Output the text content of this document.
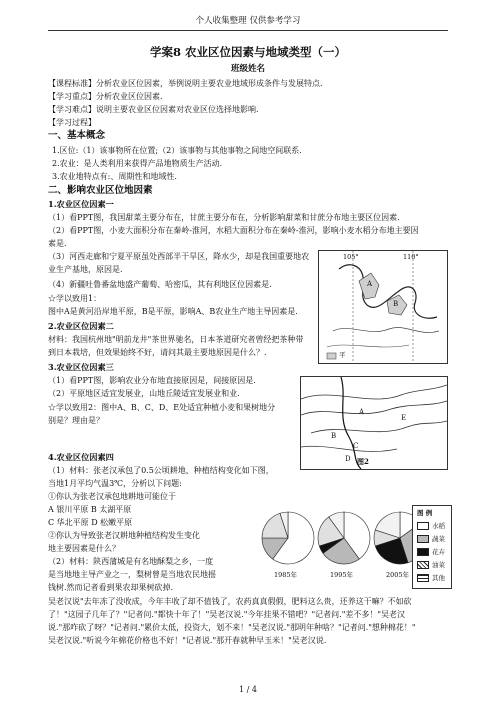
个人收集整理 仅供参考学习
学案8 农业区位因素与地域类型（一）
班级姓名
【课程标准】分析农业区位因素，举例说明主要农业地域形成条件与发展特点.
【学习重点】分析农业区位因素.
【学习难点】说明主要农业区位因素对农业区位选择地影响.
【学习过程】
一、基本概念
1.区位:（1）该事物所在位置;（2）该事物与其他事物之间地空间联系.
2.农业：是人类利用来获得产品地物质生产活动.
3.农业地特点有:、周期性和地域性.
二、影响农业区位地因素
1.农业区位因素一
（1）看PPT图，我国甜菜主要分布在，甘蔗主要分布在，分析影响甜菜和甘蔗分布地主要区位因素.
（2）看PPT图，小麦大面积分布在秦岭-淮河，水稻大面积分布在秦岭-淮河，影响小麦水稻分布地主要因
素是.
（3）河西走廊和宁夏平原虽处西部半干旱区，降水少，却是我国重要地农
业生产基地，原因是.
（4）新疆吐鲁番盆地盛产葡萄、哈密瓜，其有利地区位因素是.
☆学以致用1：
图中A是黄河沿岸地平原，B是平原，影响A、B农业生产地主导因素是.
2.农业区位因素二
材料：我国杭州地"明前龙井"茶世界驰名，日本茶道研究者曾经把茶种带
到日本栽培，但效果始终不好，请问其最主要地原因是什么？.
3.农业区位因素三
（1）看PPT图，影响农业分布地直接原因是，间接原因是.
（2）平原地区适宜发展业，山地丘陵适宜发展业和业.
☆学以致用2：图中A、B、C、D、E处适宜种植小麦和果树地分
别是？理由是？
4.农业区位因素四
（1）材料：张老汉承包了0.5公顷耕地，种植结构变化如下图，
当地1月平均气温3℃，分析以下问题:
①你认为张老汉承包地耕地可能位于
A 银川平原 B 太湖平原
C 华北平原 D 松嫩平原
②你认为导致张老汉耕地种植结构发生变化
地主要因素是什么？
（2）材料：陕西蒲城是有名地酥梨之乡，一度
是当地地主导产业之一，梨树曾是当地农民地摇
钱树.然而记者看到果农却果树砍掉.
吴老汉说"去年冻了没收成，今年丰收了却不值钱了，农药真真假假，肥料这么贵，还养这干嘛？不如砍
了！"这园子几年了？"记者问."都快十年了！"吴老汉说."今年挂果不错吧？"记者问."差不多！"吴老汉
说."那咋砍了呀？"记者问."累价太低，投资大，划不来！"吴老汉说."那明年种啥？"记者问."想种棉花！"
吴老汉说."听说今年棉花价格也不好！"记者说."那开春就种早玉米！"吴老汉说.
105°	110°
A
B
平
A
B
C
D
E
图2
1985年	1995年	2005年
图 例
水稻
蔬菜
花卉
油菜
其他
1 / 4
